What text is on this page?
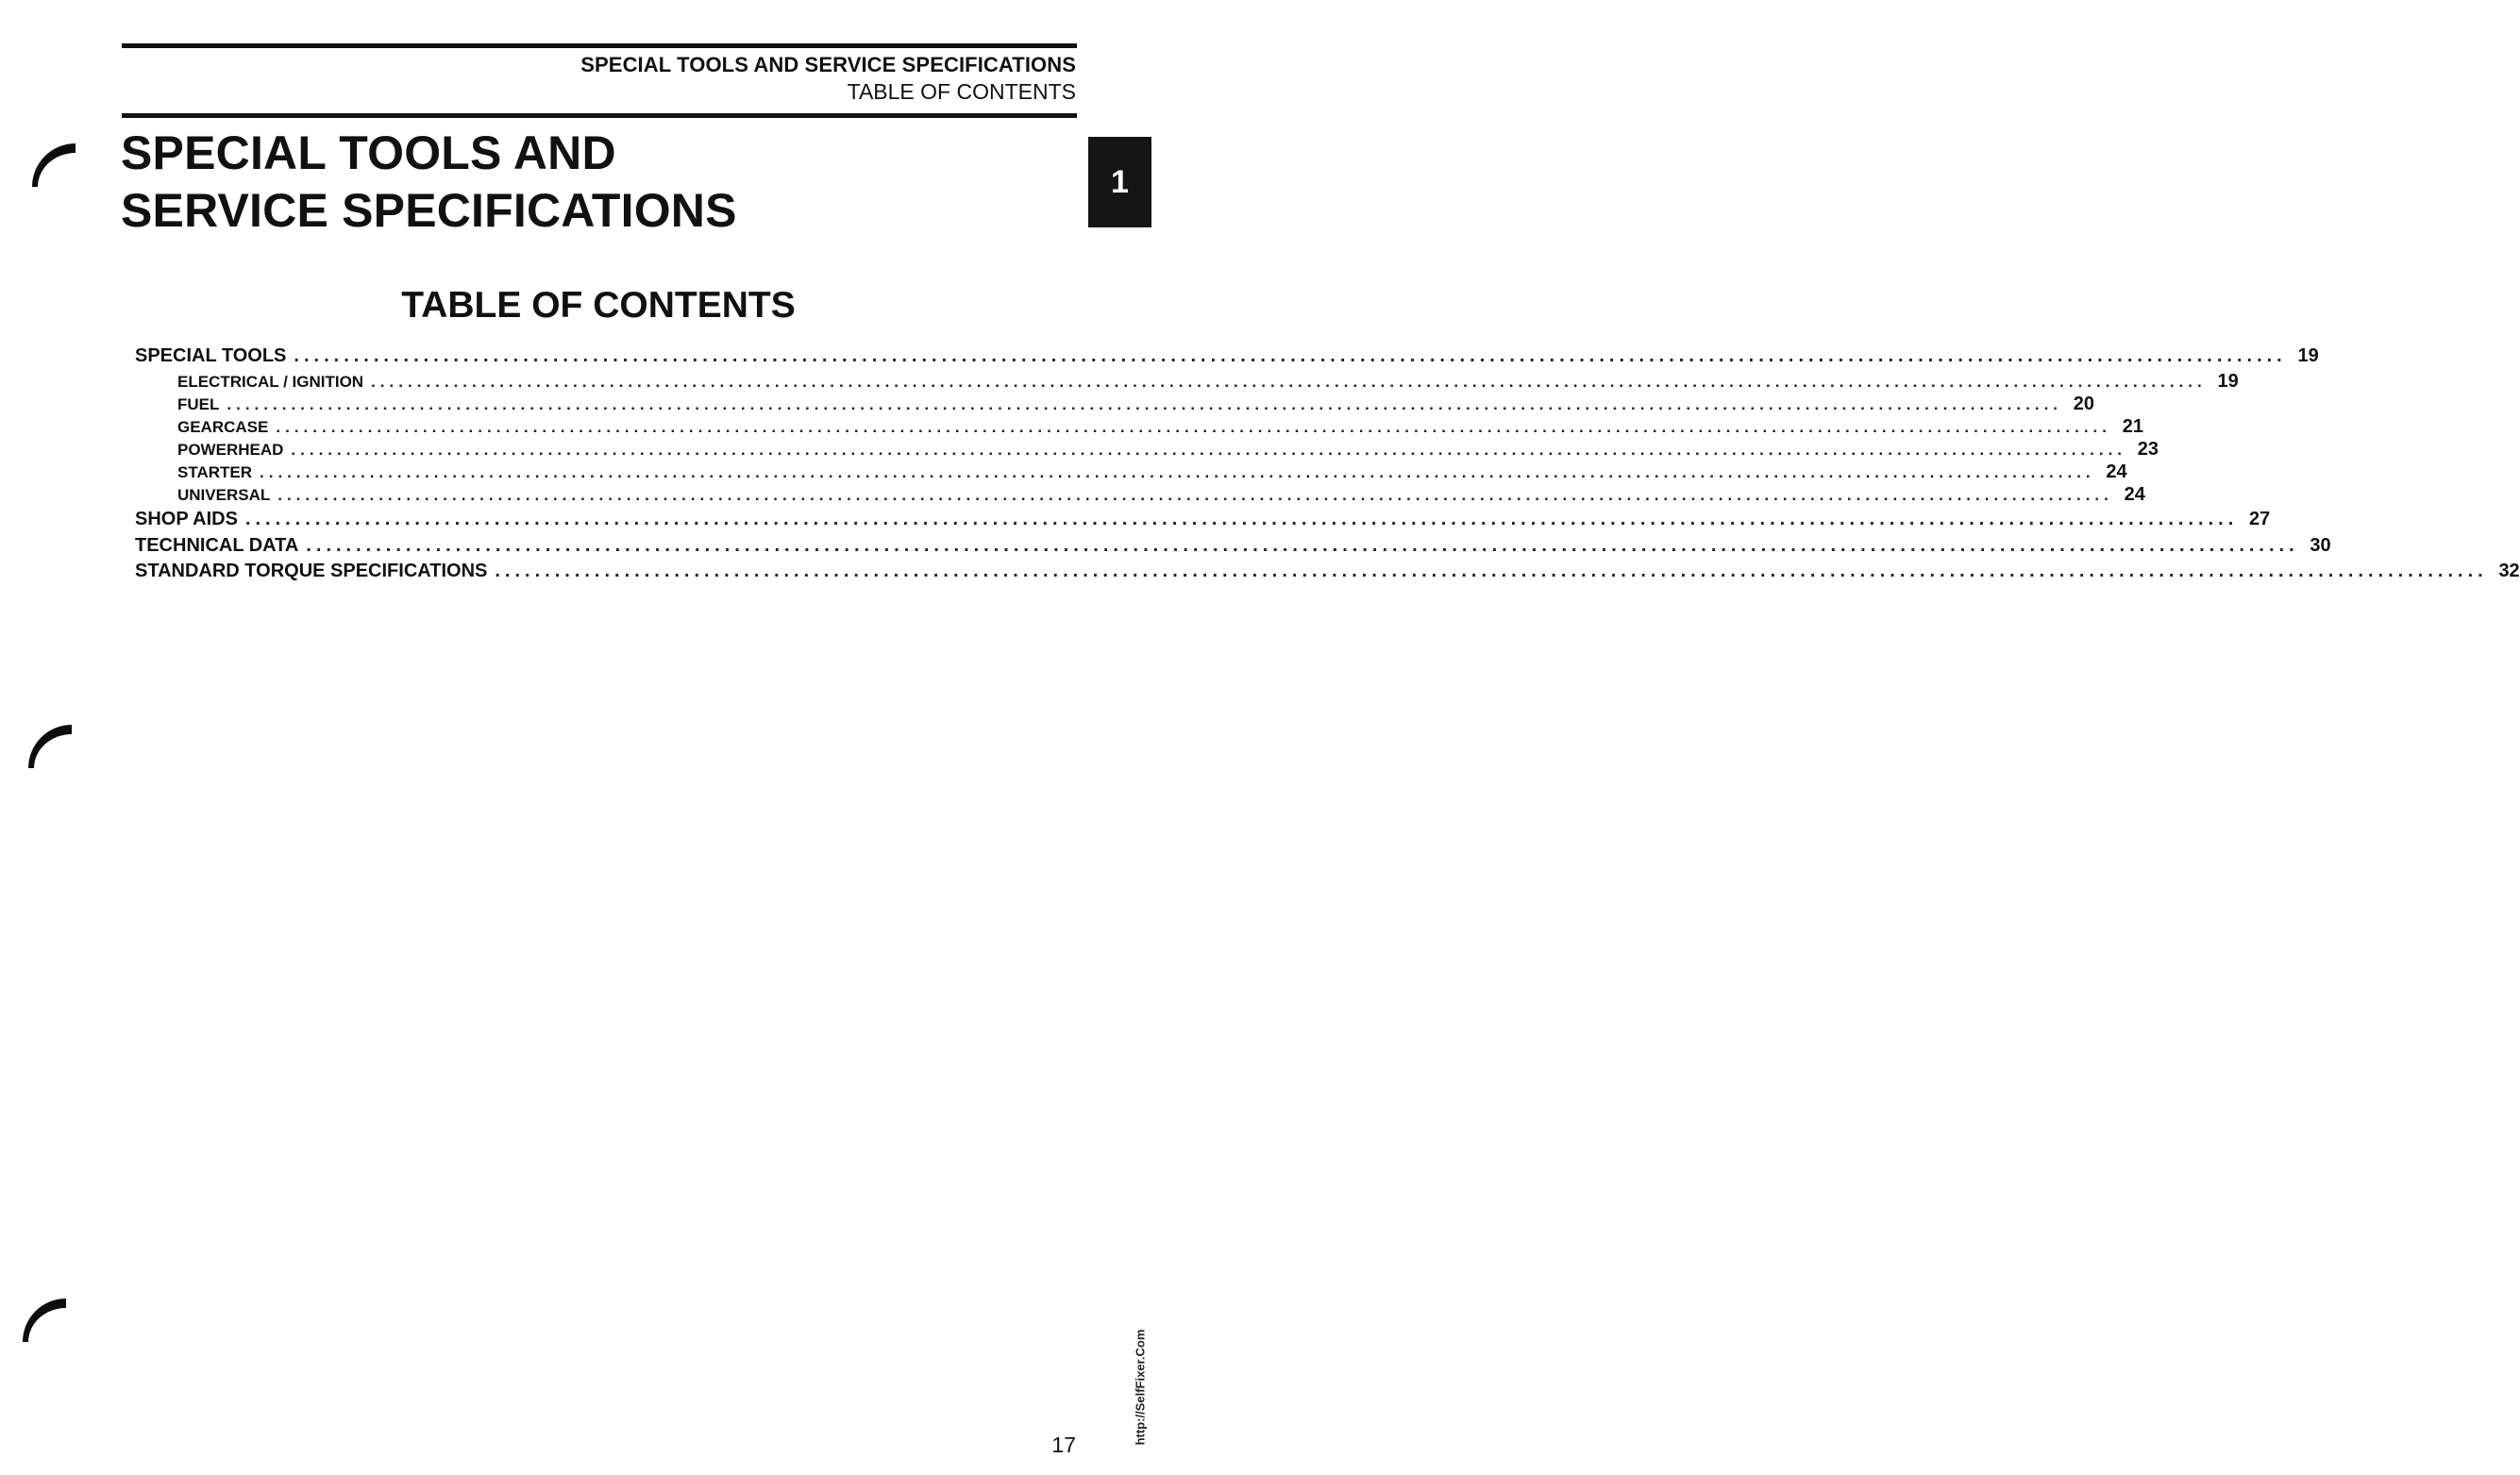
SPECIAL TOOLS AND SERVICE SPECIFICATIONS
TABLE OF CONTENTS
SPECIAL TOOLS AND
SERVICE SPECIFICATIONS
1
TABLE OF CONTENTS
SPECIAL TOOLS ........................................................................................................................................................................................................ 19
ELECTRICAL / IGNITION ........................................................................................................................................................................................................ 19
FUEL ........................................................................................................................................................................................................ 20
GEARCASE ........................................................................................................................................................................................................ 21
POWERHEAD ........................................................................................................................................................................................................ 23
STARTER ........................................................................................................................................................................................................ 24
UNIVERSAL ........................................................................................................................................................................................................ 24
SHOP AIDS ........................................................................................................................................................................................................ 27
TECHNICAL DATA ........................................................................................................................................................................................................ 30
STANDARD TORQUE SPECIFICATIONS ........................................................................................................................................................................................................ 32
17	http://SelfFixer.Com
